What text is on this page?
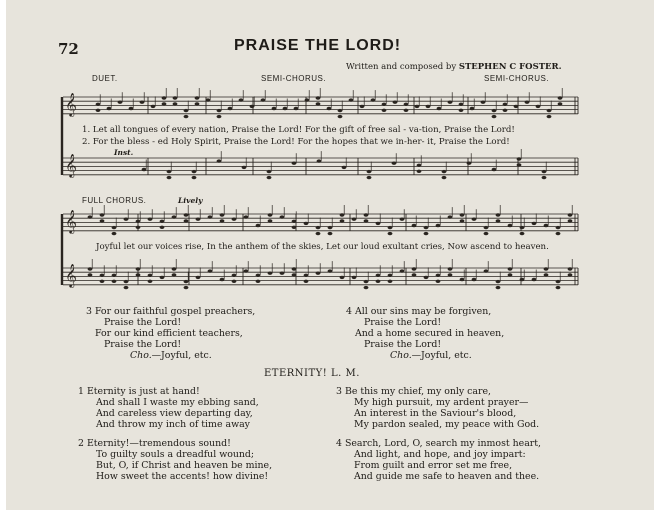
72	PRAISE THE LORD!
Written and composed by STEPHEN C FOSTER.
𝄞
𝄞
𝄞
𝄞
DUET.	SEMI-CHORUS.	SEMI-CHORUS.
1. Let all tongues of every nation, Praise the Lord! For the gift of free sal - va-tion, Praise the Lord!
2. For the bless - ed Holy Spirit, Praise the Lord! For the hopes that we in-her- it, Praise the Lord!
Inst.
FULL CHORUS.	Lively
Joyful let our voices rise, In the anthem of the skies, Let our loud exultant cries, Now ascend to heaven.
3 For our faithful gospel preachers,
Praise the Lord!
For our kind efficient teachers,
Praise the Lord!
Cho.—Joyful, etc.
4 All our sins may be forgiven,
Praise the Lord!
And a home secured in heaven,
Praise the Lord!
Cho.—Joyful, etc.
ETERNITY! L. M.
1 Eternity is just at hand!
And shall I waste my ebbing sand,
And careless view departing day,
And throw my inch of time away
3 Be this my chief, my only care,
My high pursuit, my ardent prayer—
An interest in the Saviour's blood,
My pardon sealed, my peace with God.
2 Eternity!—tremendous sound!
To guilty souls a dreadful wound;
But, O, if Christ and heaven be mine,
How sweet the accents! how divine!
4 Search, Lord, O, search my inmost heart,
And light, and hope, and joy impart:
From guilt and error set me free,
And guide me safe to heaven and thee.
